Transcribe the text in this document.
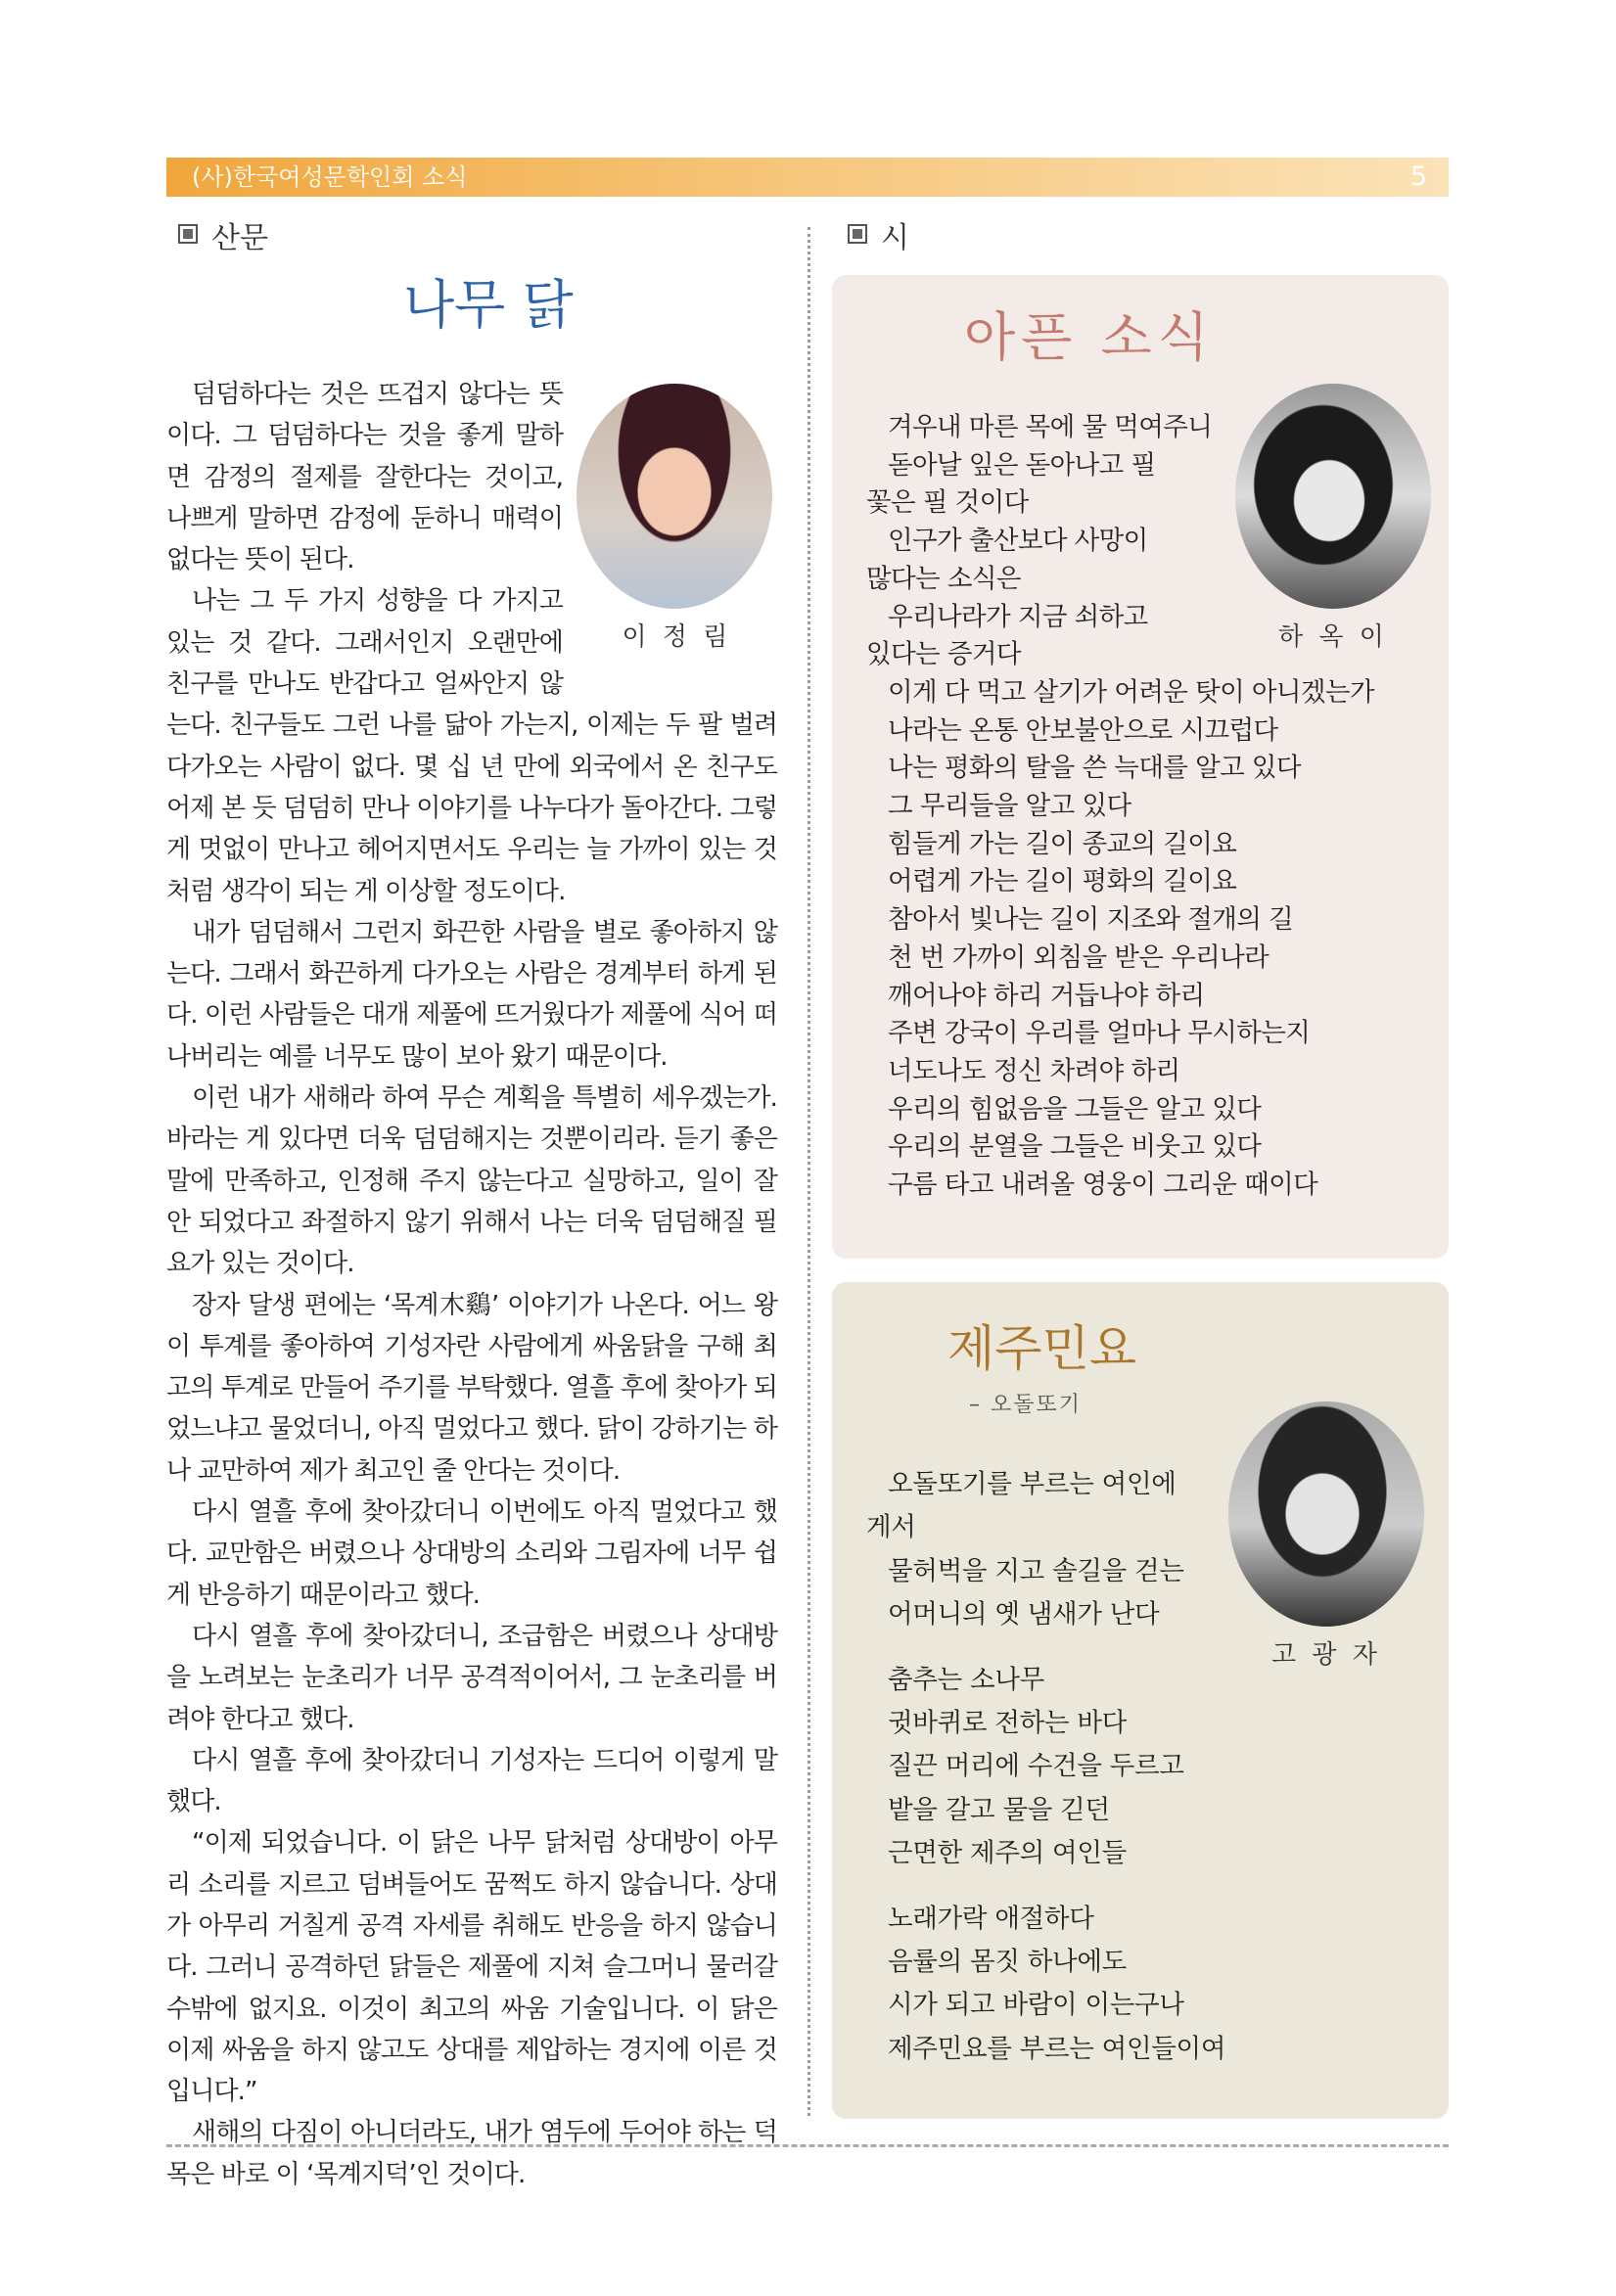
(사)한국여성문학인회 소식	5
산문	시
나무 닭
이 정 림

덤덤하다는 것은 뜨겁지 않다는 뜻이다. 그 덤덤하다는 것을 좋게 말하면 감정의 절제를 잘한다는 것이고, 나쁘게 말하면 감정에 둔하니 매력이 없다는 뜻이 된다.

나는 그 두 가지 성향을 다 가지고 있는 것 같다. 그래서인지 오랜만에 친구를 만나도 반갑다고 얼싸안지 않는다. 친구들도 그런 나를 닮아 가는지, 이제는 두 팔 벌려 다가오는 사람이 없다. 몇 십 년 만에 외국에서 온 친구도 어제 본 듯 덤덤히 만나 이야기를 나누다가 돌아간다. 그렇게 멋없이 만나고 헤어지면서도 우리는 늘 가까이 있는 것처럼 생각이 되는 게 이상할 정도이다.

내가 덤덤해서 그런지 화끈한 사람을 별로 좋아하지 않는다. 그래서 화끈하게 다가오는 사람은 경계부터 하게 된다. 이런 사람들은 대개 제풀에 뜨거웠다가 제풀에 식어 떠나버리는 예를 너무도 많이 보아 왔기 때문이다.

이런 내가 새해라 하여 무슨 계획을 특별히 세우겠는가. 바라는 게 있다면 더욱 덤덤해지는 것뿐이리라. 듣기 좋은 말에 만족하고, 인정해 주지 않는다고 실망하고, 일이 잘 안 되었다고 좌절하지 않기 위해서 나는 더욱 덤덤해질 필요가 있는 것이다.

장자 달생 편에는 ‘목계木鷄’ 이야기가 나온다. 어느 왕이 투계를 좋아하여 기성자란 사람에게 싸움닭을 구해 최고의 투계로 만들어 주기를 부탁했다. 열흘 후에 찾아가 되었느냐고 물었더니, 아직 멀었다고 했다. 닭이 강하기는 하나 교만하여 제가 최고인 줄 안다는 것이다.

다시 열흘 후에 찾아갔더니 이번에도 아직 멀었다고 했다. 교만함은 버렸으나 상대방의 소리와 그림자에 너무 쉽게 반응하기 때문이라고 했다.

다시 열흘 후에 찾아갔더니, 조급함은 버렸으나 상대방을 노려보는 눈초리가 너무 공격적이어서, 그 눈초리를 버려야 한다고 했다.

다시 열흘 후에 찾아갔더니 기성자는 드디어 이렇게 말했다.

“이제 되었습니다. 이 닭은 나무 닭처럼 상대방이 아무리 소리를 지르고 덤벼들어도 꿈쩍도 하지 않습니다. 상대가 아무리 거칠게 공격 자세를 취해도 반응을 하지 않습니다. 그러니 공격하던 닭들은 제풀에 지쳐 슬그머니 물러갈 수밖에 없지요. 이것이 최고의 싸움 기술입니다. 이 닭은 이제 싸움을 하지 않고도 상대를 제압하는 경지에 이른 것입니다.”

새해의 다짐이 아니더라도, 내가 염두에 두어야 하는 덕목은 바로 이 ‘목계지덕’인 것이다.

아픈 소식
하 옥 이
겨우내 마른 목에 물 먹여주니
돋아날 잎은 돋아나고 필
꽃은 필 것이다
인구가 출산보다 사망이
많다는 소식은
우리나라가 지금 쇠하고
있다는 증거다
이게 다 먹고 살기가 어려운 탓이 아니겠는가
나라는 온통 안보불안으로 시끄럽다
나는 평화의 탈을 쓴 늑대를 알고 있다
그 무리들을 알고 있다
힘들게 가는 길이 종교의 길이요
어렵게 가는 길이 평화의 길이요
참아서 빛나는 길이 지조와 절개의 길
천 번 가까이 외침을 받은 우리나라
깨어나야 하리 거듭나야 하리
주변 강국이 우리를 얼마나 무시하는지
너도나도 정신 차려야 하리
우리의 힘없음을 그들은 알고 있다
우리의 분열을 그들은 비웃고 있다
구름 타고 내려올 영웅이 그리운 때이다
제주민요
– 오돌또기
고 광 자
오돌또기를 부르는 여인에
게서
물허벅을 지고 솔길을 걷는
어머니의 옛 냄새가 난다
춤추는 소나무
귓바퀴로 전하는 바다
질끈 머리에 수건을 두르고
밭을 갈고 물을 긷던
근면한 제주의 여인들
노래가락 애절하다
음률의 몸짓 하나에도
시가 되고 바람이 이는구나
제주민요를 부르는 여인들이여
